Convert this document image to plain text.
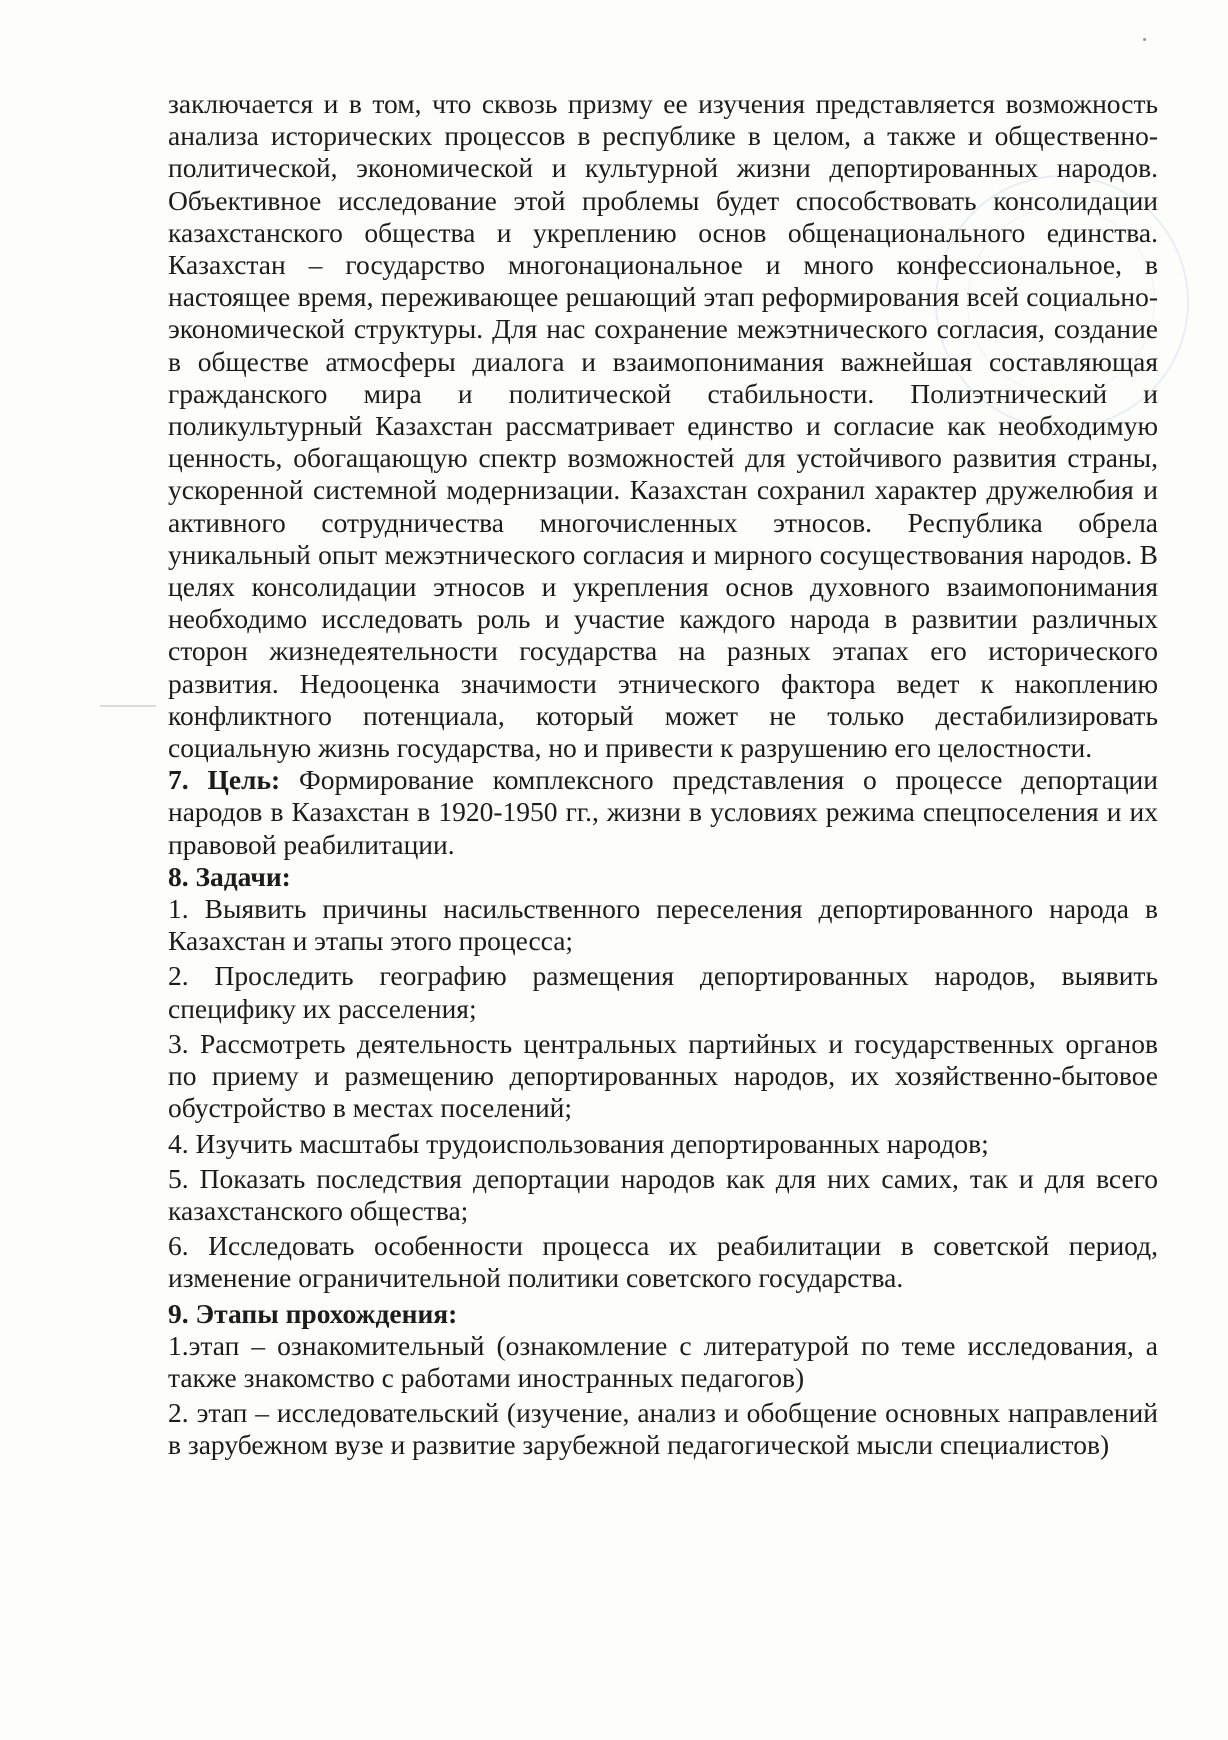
заключается и в том, что сквозь призму ее изучения представляется возможность анализа исторических процессов в республике в целом, а также и общественно-политической, экономической и культурной жизни депортированных народов. Объективное исследование этой проблемы будет способствовать консолидации казахстанского общества и укреплению основ общенационального единства. Казахстан – государство многонациональное и много конфессиональное, в настоящее время, переживающее решающий этап реформирования всей социально-экономической структуры. Для нас сохранение межэтнического согласия, создание в обществе атмосферы диалога и взаимопонимания важнейшая составляющая гражданского мира и политической стабильности. Полиэтнический и поликультурный Казахстан рассматривает единство и согласие как необходимую ценность, обогащающую спектр возможностей для устойчивого развития страны, ускоренной системной модернизации. Казахстан сохранил характер дружелюбия и активного сотрудничества многочисленных этносов. Республика обрела уникальный опыт межэтнического согласия и мирного сосуществования народов. В целях консолидации этносов и укрепления основ духовного взаимопонимания необходимо исследовать роль и участие каждого народа в развитии различных сторон жизнедеятельности государства на разных этапах его исторического развития. Недооценка значимости этнического фактора ведет к накоплению конфликтного потенциала, который может не только дестабилизировать социальную жизнь государства, но и привести к разрушению его целостности.

7. Цель: Формирование комплексного представления о процессе депортации народов в Казахстан в 1920-1950 гг., жизни в условиях режима спецпоселения и их правовой реабилитации.

8. Задачи:

1. Выявить причины насильственного переселения депортированного народа в Казахстан и этапы этого процесса;

2. Проследить географию размещения депортированных народов, выявить специфику их расселения;

3. Рассмотреть деятельность центральных партийных и государственных органов по приему и размещению депортированных народов, их хозяйственно-бытовое обустройство в местах поселений;

4. Изучить масштабы трудоиспользования депортированных народов;

5. Показать последствия депортации народов как для них самих, так и для всего казахстанского общества;

6. Исследовать особенности процесса их реабилитации в советской период, изменение ограничительной политики советского государства.

9. Этапы прохождения:

1.этап – ознакомительный (ознакомление с литературой по теме исследования, а также знакомство с работами иностранных педагогов)

2. этап – исследовательский (изучение, анализ и обобщение основных направлений в зарубежном вузе и развитие зарубежной педагогической мысли специалистов)
